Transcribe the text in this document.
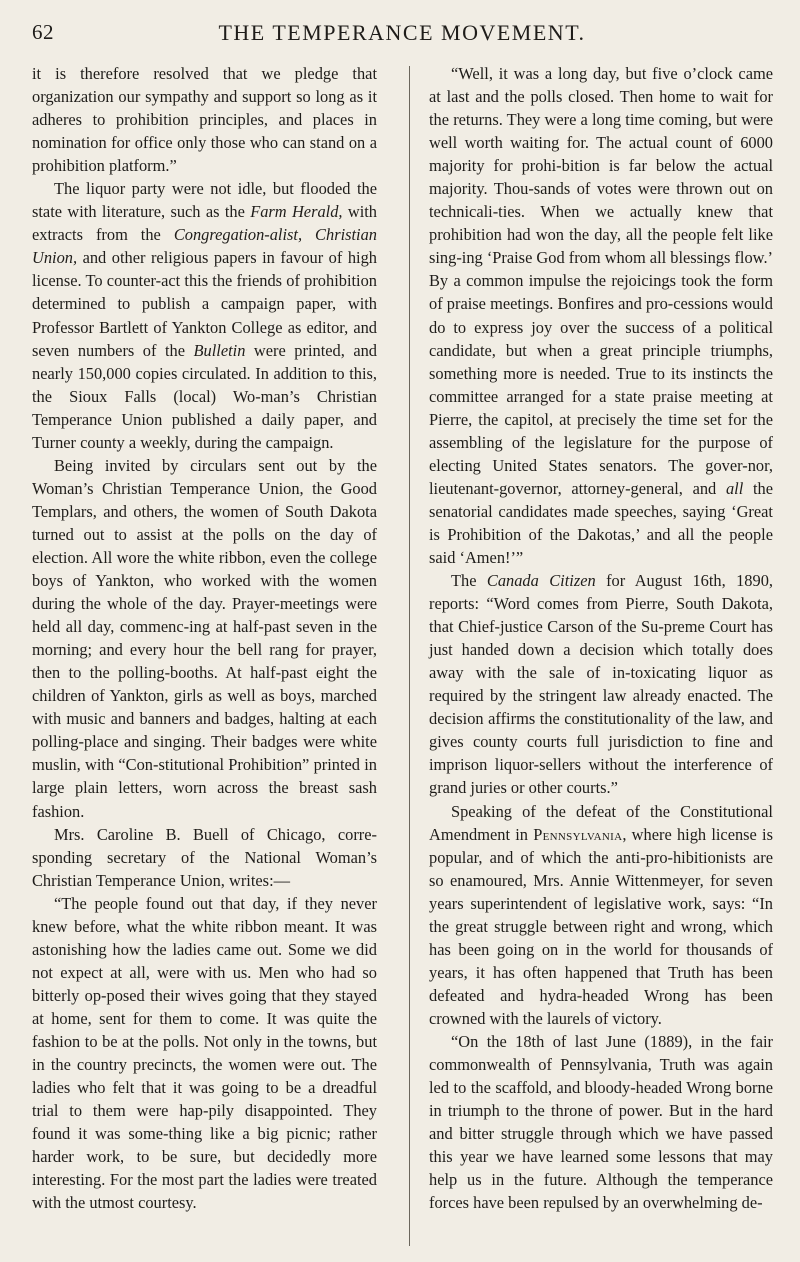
62	THE TEMPERANCE MOVEMENT.

it is therefore resolved that we pledge that organization our sympathy and support so long as it adheres to prohibition principles, and places in nomination for office only those who can stand on a prohibition platform.”

The liquor party were not idle, but flooded the state with literature, such as the Farm Herald, with extracts from the Congregation-alist, Christian Union, and other religious papers in favour of high license. To counter-act this the friends of prohibition determined to publish a campaign paper, with Professor Bartlett of Yankton College as editor, and seven numbers of the Bulletin were printed, and nearly 150,000 copies circulated. In addition to this, the Sioux Falls (local) Wo-man’s Christian Temperance Union published a daily paper, and Turner county a weekly, during the campaign.

Being invited by circulars sent out by the Woman’s Christian Temperance Union, the Good Templars, and others, the women of South Dakota turned out to assist at the polls on the day of election. All wore the white ribbon, even the college boys of Yankton, who worked with the women during the whole of the day. Prayer-meetings were held all day, commenc-ing at half-past seven in the morning; and every hour the bell rang for prayer, then to the polling-booths. At half-past eight the children of Yankton, girls as well as boys, marched with music and banners and badges, halting at each polling-place and singing. Their badges were white muslin, with “Con-stitutional Prohibition” printed in large plain letters, worn across the breast sash fashion.

Mrs. Caroline B. Buell of Chicago, corre-sponding secretary of the National Woman’s Christian Temperance Union, writes:—

“The people found out that day, if they never knew before, what the white ribbon meant. It was astonishing how the ladies came out. Some we did not expect at all, were with us. Men who had so bitterly op-posed their wives going that they stayed at home, sent for them to come. It was quite the fashion to be at the polls. Not only in the towns, but in the country precincts, the women were out. The ladies who felt that it was going to be a dreadful trial to them were hap-pily disappointed. They found it was some-thing like a big picnic; rather harder work, to be sure, but decidedly more interesting. For the most part the ladies were treated with the utmost courtesy.

“Well, it was a long day, but five o’clock came at last and the polls closed. Then home to wait for the returns. They were a long time coming, but were well worth waiting for. The actual count of 6000 majority for prohi-bition is far below the actual majority. Thou-sands of votes were thrown out on technicali-ties. When we actually knew that prohibition had won the day, all the people felt like sing-ing ‘Praise God from whom all blessings flow.’ By a common impulse the rejoicings took the form of praise meetings. Bonfires and pro-cessions would do to express joy over the success of a political candidate, but when a great principle triumphs, something more is needed. True to its instincts the committee arranged for a state praise meeting at Pierre, the capitol, at precisely the time set for the assembling of the legislature for the purpose of electing United States senators. The gover-nor, lieutenant-governor, attorney-general, and all the senatorial candidates made speeches, saying ‘Great is Prohibition of the Dakotas,’ and all the people said ‘Amen!’”

The Canada Citizen for August 16th, 1890, reports: “Word comes from Pierre, South Dakota, that Chief-justice Carson of the Su-preme Court has just handed down a decision which totally does away with the sale of in-toxicating liquor as required by the stringent law already enacted. The decision affirms the constitutionality of the law, and gives county courts full jurisdiction to fine and imprison liquor-sellers without the interference of grand juries or other courts.”

Speaking of the defeat of the Constitutional Amendment in Pennsylvania, where high license is popular, and of which the anti-pro-hibitionists are so enamoured, Mrs. Annie Wittenmeyer, for seven years superintendent of legislative work, says: “In the great struggle between right and wrong, which has been going on in the world for thousands of years, it has often happened that Truth has been defeated and hydra-headed Wrong has been crowned with the laurels of victory.

“On the 18th of last June (1889), in the fair commonwealth of Pennsylvania, Truth was again led to the scaffold, and bloody-headed Wrong borne in triumph to the throne of power. But in the hard and bitter struggle through which we have passed this year we have learned some lessons that may help us in the future. Although the temperance forces have been repulsed by an overwhelming de-
